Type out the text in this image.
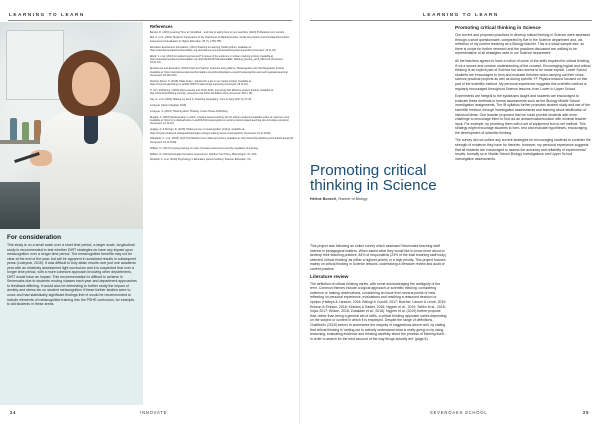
LEARNING TO LEARN
For consideration

This study is on a small scale over a short time period, a larger scale, longitudinal study is recommended to test whether DIRT strategies do have any impact upon metacognition over a longer time period. The metacognitive benefits may not be clear at the end of the year, but will be apparent in sustained results in subsequent years (Lockyear, 2015). It was difficult to fully attain results over just one academic year with an relatively assessment light curriculum and it is suspected that over a longer time period, with a more cohesive approach involving other departments, DIRT would have an impact. This recommendation is difficult to achieve in Sevenoaks due to students moving classes each year and department approaches to feedback differing. It would also be interesting to further study the impact of anxiety and stress etc on student metacognition if these further studies were to occur and had statistically significant findings then it would be recommended to include elements of metacognitive training into the PSHE curriculum, for example, to aid students in these areas.

References

Barrow, R. (2016) Learning Time to: Simplified... and how to apply them to your teaching. (2020) Publications Ltd. London.

Bell, A. et al. (2016) 'Students' Perceptions of the Usefulness of Marking Guides, Grade Descriptors and Annotated Exemplars. Assessment & Evaluation in Higher Education, 38 (7), p769-788.

Education Endowment Foundation, (2011) Teaching & Learning Toolkit [online]. Available at: https://educationendowmentfoundation.org.uk/evidence-summaries/teaching-learning-toolkit (Accessed: 15.11.18)

Elliott, V. et al. (2016) A marked improvement? A review of the evidence on written marking [online]. Available at https://educationendowmentfoundation.org.uk/public/files/Publications/EEF_Marking_Review_April_2016.pdf (Accessed: 23.01.19)

Endowment and Education, (2018) Pupil and Teacher protocols and guidance: Metacognition and Self Regulation [online]. Available at: https://educationendowmentfoundation.org.uk/tools/guidance-reports/metacognition-and-self-regulated-learning/ (Accessed: 25.102.018).

Fletcher-Wood, H. (2018) 'Make better - labelled for a gel on an impact [online]. Available at: https://improvingteaching.co.uk/2017/09/17/make-things-improving (Accessed: 28.11.18).

H. & H. Publishing. (2018) AQA Learning and Study Skills: Improving Self-Effective student [online]. Available at: http://www.hhpublishing.com/ap/_assessments/LASSI-3rd-Edition.html (Accessed: 28.11.18).

Kay, S. et al. (2019) 'Making my work in: Teaching Geography.' June & Tying 2017 pp 27-30.

Lockyear (cited in Mughal, 2018)

Lockyear, S. (2015) Thinking about Thinking. Crown House Publishing.

Mughal, A. (2018) Metacognition in action: practice-based teaching tips for today's students [available online at: www.tes.com]. Available at: https://my.shadowbooks.co.uk/2018/11/metacognition-in-action-practice-based-teaching-tips-for-todays-students/ (Accessed: 12.12.18).

Quigley, A. & Stringer, E. (2018) 'Making sense of metacognition' [online]. Available at: https://impact.chartered.college/article/quigley-stringer-making-sense-metacognition/ (Accessed: 15.11.2018).

Wakefield, C. et al. (2018) 'AQA Third Edition User's Manual' [online]. Available at: http://www.hhpublishing.com/LASSImanual.pdf (Accessed: 19.11.2018).

William, D. (2017) Keeping learning on track: formative assessment and the regulation of learning.

William, D. (2011) Embedded formative assessment. Solution Tree Press, Bloomington, IN, USA.

Woolfolk, A. et al. (2010) Psychology in Education [second edition]. Pearson Education, UK.

24	INNOVATE
LEARNING TO LEARN
Promoting critical thinking in Science
Hélène Boncell, Teacher of Biology

This project was following an online survey which assessed Sevenoaks teaching staff interest in pedagogical matters. When asked what they would like to know more about to develop their teaching practice, 84% of respondents (23% of the total teaching staff body) selected 'critical thinking' as either a highest priority or a high priority. This project focuses mainly on critical thinking in Science lessons, undertaking a literature review and audit of current practice.

Literature review

The definition of critical thinking varies, with some acknowledging the ambiguity of the term. Common themes include a logical approach or scientific thinking, considering evidence or making observations, considering an issue from several points of view, reflecting on personal experience, evaluations and reaching a reasoned decision or opinion (Halleys & Larsson, 2018; Bellugi & Cundill, 2017; Butcher, Larson & Lemb, 2019; Erikson & Erikson, 2018; Kirsdow & Sadler, 2018; Nygren et al., 2019; Sellbo et al., 2018; Vojac 2017; Wilson, 2018; Zubaidah et al., 2018). Nygren et al. (2019) further propose that, rather than being a general set of skills, a critical thinking approach varies depending on the subject or context in which it is employed. Despite the range of definitions, Chatfield's (2018) seems to summarise the majority of suggestions above well, by stating that critical thinking is 'setting out to actively understand what is really going on by using reasoning, evaluating evidence and thinking carefully about the process of thinking itself... in order to search for the best account of the way things actually are' (page 6).

Promoting critical thinking in Science

Our current and proposed practices to develop critical thinking in Science were assessed through a short questionnaire, completed by five in the Science department and, via reflection of my current teaching as a Biology teacher. This is a small sample size, so there is scope for further research and the practices discussed are unlikely to be representative of all strategies used in our Science department.

All the teachers agreed to have a notion of some of the skills required for critical thinking, if not a secure and concise understanding of the concept. Encouraging logical and critical thinking is an explicit part of Science but also seems to be made explicit. Lower School students are encouraged to form and evaluate theories when carrying out their cross-science practical projects as well as during specific YF Physics lessons focused on this part of the scientific method. My personal experience suggests this scientific method is regularly encouraged throughout Science lessons, from Lower to Upper School.

Experiments are integral to the syllabuses taught and students are encouraged to evaluate these methods in formal assessments such as the Biology Middle School investigation assignments. The IB syllabus further promotes student study and use of the scientific method, through investigative assessments and learning about falsification of historical ideas. One teacher proposed that we could provide students with more challenge to encourage them to find out an answer/value/solution with minimal teacher input. For example, by providing them with a set of equipment but no set method. This strategy might encourage students to form, test and evaluate hypotheses, encouraging the development of scientific thinking.

The survey did not outline any current strategies for encouraging students to consider the strength of evidence they have for theories. However, my personal experience suggests that all students are encouraged to assess the accuracy and reliability of experimental results, formally so in Middle School Biology investigations and Upper School investigative assessments.

SEVENOAKS SCHOOL	25
